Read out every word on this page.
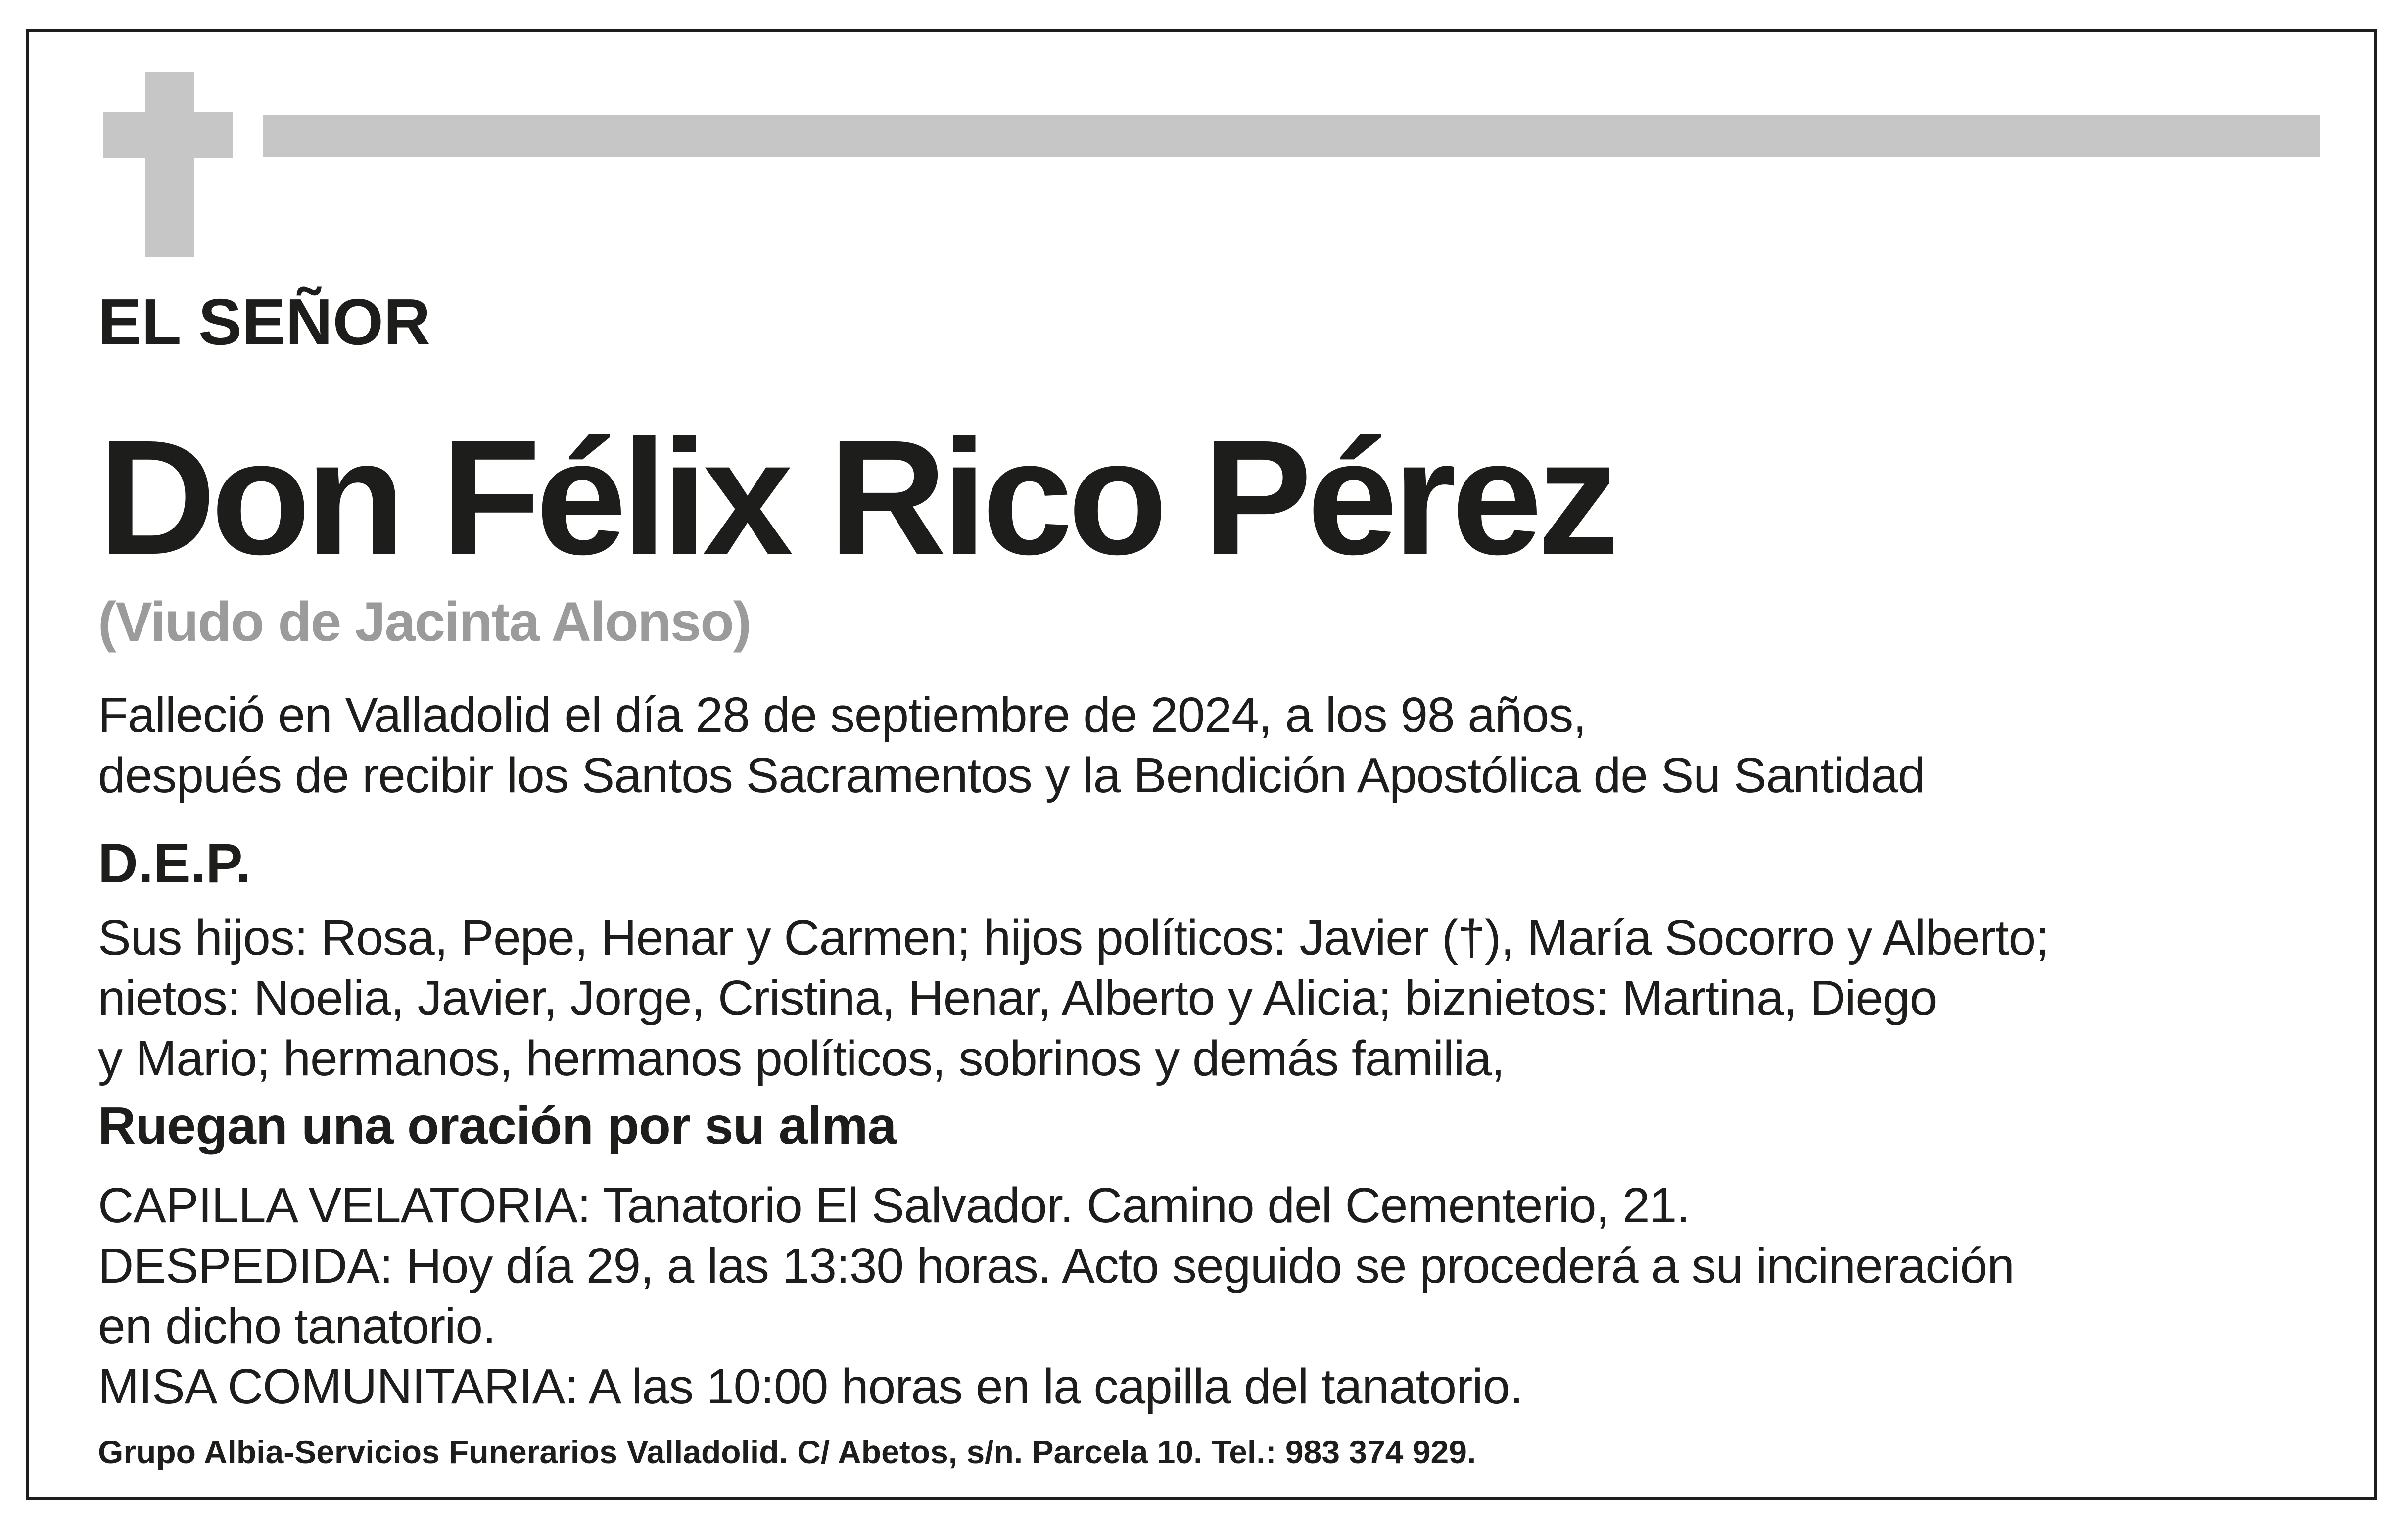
EL SEÑOR

Don Félix Rico Pérez

(Viudo de Jacinta Alonso)

Falleció en Valladolid el día 28 de septiembre de 2024, a los 98 años,
después de recibir los Santos Sacramentos y la Bendición Apostólica de Su Santidad

D.E.P.

Sus hijos: Rosa, Pepe, Henar y Carmen; hijos políticos: Javier (†), María Socorro y Alberto;
nietos: Noelia, Javier, Jorge, Cristina, Henar, Alberto y Alicia; biznietos: Martina, Diego
y Mario; hermanos, hermanos políticos, sobrinos y demás familia,

Ruegan una oración por su alma

CAPILLA VELATORIA: Tanatorio El Salvador. Camino del Cementerio, 21.
DESPEDIDA: Hoy día 29, a las 13:30 horas. Acto seguido se procederá a su incineración
en dicho tanatorio.
MISA COMUNITARIA: A las 10:00 horas en la capilla del tanatorio.

Grupo Albia-Servicios Funerarios Valladolid. C/ Abetos, s/n. Parcela 10. Tel.: 983 374 929.
